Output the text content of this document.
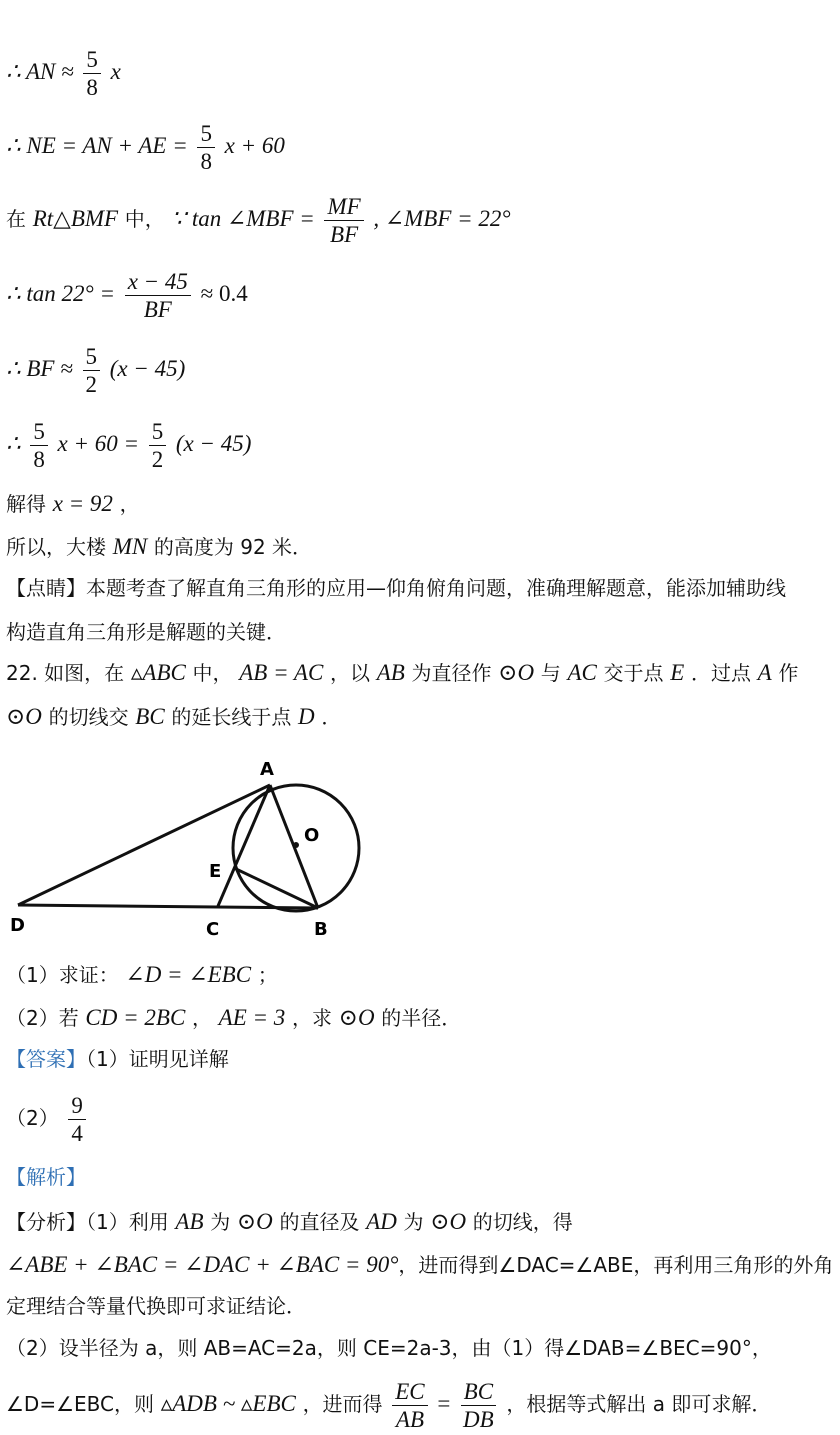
∴ AN ≈ $\frac{5}{8}$ x
∴ NE = AN + AE = $\frac{5}{8}$ x + 60
在 Rt△BMF 中， ∵ tan ∠MBF = $\frac{MF}{BF}$ , ∠MBF = 22°
∴ $\tan 22^\circ = \frac{x - 45}{BF} \approx 0.4$
∴ BF ≈ $\frac{5}{2} (x - 45)$
∴ $\frac{5}{8}$ $x + 60 = \frac{5}{2} (x - 45)$
解得 x = 92 ，
所以，大楼 MN 的高度为 92 米．
【点睛】本题考查了解直角三角形的应用—仰角俯角问题，准确理解题意，能添加辅助线
构造直角三角形是解题的关键．
22. 如图，在 ▵ABC 中， AB = AC ，以 AB 为直径作 ⊙O 与 AC 交于点 E ．过点 A 作
⊙O 的切线交 BC 的延长线于点 D ．
A
O
E
D	C	B
（1）求证： ∠D = ∠EBC ；
（2）若 CD = 2BC ， AE = 3 ，求 ⊙O 的半径．
【答案】（1）证明见详解
$(2) \frac{9}{4}$
【解析】
【分析】（1）利用 AB 为 ⊙O 的直径及 AD 为 ⊙O 的切线，得
∠ABE + ∠BAC = ∠DAC + ∠BAC = 90°，进而得到∠DAC=∠ABE，再利用三角形的外角
定理结合等量代换即可求证结论．
（2）设半径为 a，则 AB=AC=2a，则 CE=2a-3，由（1）得∠DAB=∠BEC=90°，
∠D=∠EBC，则 ▵ADB ~ ▵EBC ，进而得 $\frac{EC}{AB} = \frac{BC}{DB}$ ，根据等式解出 a 即可求解．
